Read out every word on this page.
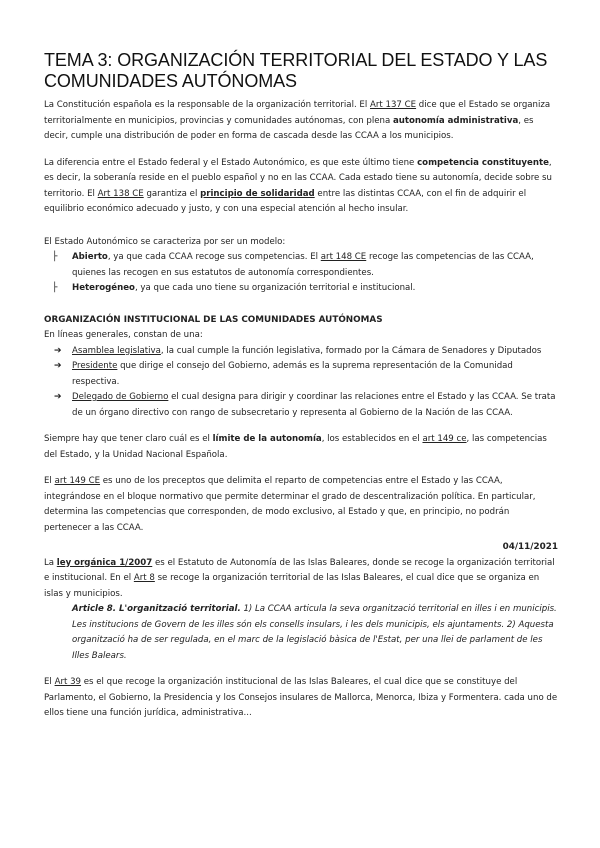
TEMA 3: ORGANIZACIÓN TERRITORIAL DEL ESTADO Y LAS COMUNIDADES AUTÓNOMAS

La Constitución española es la responsable de la organización territorial. El Art 137 CE dice que el Estado se organiza territorialmente en municipios, provincias y comunidades autónomas, con plena autonomía administrativa, es decir, cumple una distribución de poder en forma de cascada desde las CCAA a los municipios.

La diferencia entre el Estado federal y el Estado Autonómico, es que este último tiene competencia constituyente, es decir, la soberanía reside en el pueblo español y no en las CCAA. Cada estado tiene su autonomía, decide sobre su territorio. El Art 138 CE garantiza el principio de solidaridad entre las distintas CCAA, con el fin de adquirir el equilibrio económico adecuado y justo, y con una especial atención al hecho insular.

El Estado Autonómico se caracteriza por ser un modelo:

├ Abierto, ya que cada CCAA recoge sus competencias. El art 148 CE recoge las competencias de las CCAA, quienes las recogen en sus estatutos de autonomía correspondientes.
├ Heterogéneo, ya que cada uno tiene su organización territorial e institucional.
ORGANIZACIÓN INSTITUCIONAL DE LAS COMUNIDADES AUTÓNOMAS

En líneas generales, constan de una:

➔ Asamblea legislativa, la cual cumple la función legislativa, formado por la Cámara de Senadores y Diputados
➔ Presidente que dirige el consejo del Gobierno, además es la suprema representación de la Comunidad respectiva.
➔ Delegado de Gobierno el cual designa para dirigir y coordinar las relaciones entre el Estado y las CCAA. Se trata de un órgano directivo con rango de subsecretario y representa al Gobierno de la Nación de las CCAA.

Siempre hay que tener claro cuál es el límite de la autonomía, los establecidos en el art 149 ce, las competencias del Estado, y la Unidad Nacional Española.

El art 149 CE es uno de los preceptos que delimita el reparto de competencias entre el Estado y las CCAA, integrándose en el bloque normativo que permite determinar el grado de descentralización política. En particular, determina las competencias que corresponden, de modo exclusivo, al Estado y que, en principio, no podrán pertenecer a las CCAA.

04/11/2021

La ley orgánica 1/2007 es el Estatuto de Autonomía de las Islas Baleares, donde se recoge la organización territorial e institucional. En el Art 8 se recoge la organización territorial de las Islas Baleares, el cual dice que se organiza en islas y municipios.

Article 8. L'organització territorial. 1) La CCAA articula la seva organització territorial en illes i en municipis. Les institucions de Govern de les illes són els consells insulars, i les dels municipis, els ajuntaments. 2) Aquesta organització ha de ser regulada, en el marc de la legislació bàsica de l'Estat, per una llei de parlament de les Illes Balears.

El Art 39 es el que recoge la organización institucional de las Islas Baleares, el cual dice que se constituye del Parlamento, el Gobierno, la Presidencia y los Consejos insulares de Mallorca, Menorca, Ibiza y Formentera. cada uno de ellos tiene una función jurídica, administrativa...
